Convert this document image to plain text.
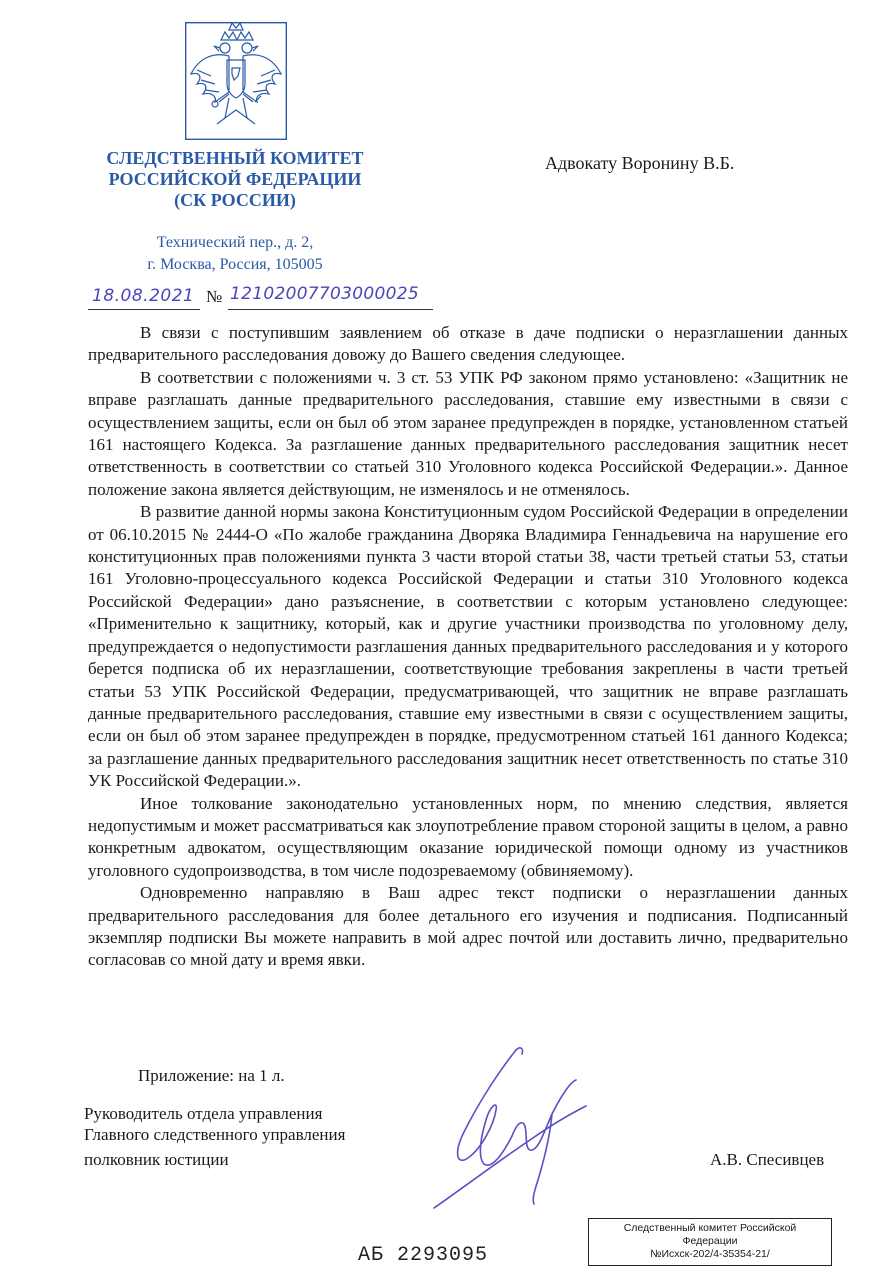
СЛЕДСТВЕННЫЙ КОМИТЕТ
РОССИЙСКОЙ ФЕДЕРАЦИИ
(СК РОССИИ)
Технический пер., д. 2,
г. Москва, Россия, 105005
Адвокату Воронину В.Б.
18.08.2021 № 12102007703000025

В связи с поступившим заявлением об отказе в даче подписки о неразглашении данных предварительного расследования довожу до Вашего сведения следующее.

В соответствии с положениями ч. 3 ст. 53 УПК РФ законом прямо установлено: «Защитник не вправе разглашать данные предварительного расследования, ставшие ему известными в связи с осуществлением защиты, если он был об этом заранее предупрежден в порядке, установленном статьей 161 настоящего Кодекса. За разглашение данных предварительного расследования защитник несет ответственность в соответствии со статьей 310 Уголовного кодекса Российской Федерации.». Данное положение закона является действующим, не изменялось и не отменялось.

В развитие данной нормы закона Конституционным судом Российской Федерации в определении от 06.10.2015 № 2444-О «По жалобе гражданина Дворяка Владимира Геннадьевича на нарушение его конституционных прав положениями пункта 3 части второй статьи 38, части третьей статьи 53, статьи 161 Уголовно-процессуального кодекса Российской Федерации и статьи 310 Уголовного кодекса Российской Федерации» дано разъяснение, в соответствии с которым установлено следующее: «Применительно к защитнику, который, как и другие участники производства по уголовному делу, предупреждается о недопустимости разглашения данных предварительного расследования и у которого берется подписка об их неразглашении, соответствующие требования закреплены в части третьей статьи 53 УПК Российской Федерации, предусматривающей, что защитник не вправе разглашать данные предварительного расследования, ставшие ему известными в связи с осуществлением защиты, если он был об этом заранее предупрежден в порядке, предусмотренном статьей 161 данного Кодекса; за разглашение данных предварительного расследования защитник несет ответственность по статье 310 УК Российской Федерации.».

Иное толкование законодательно установленных норм, по мнению следствия, является недопустимым и может рассматриваться как злоупотребление правом стороной защиты в целом, а равно конкретным адвокатом, осуществляющим оказание юридической помощи одному из участников уголовного судопроизводства, в том числе подозреваемому (обвиняемому).

Одновременно направляю в Ваш адрес текст подписки о неразглашении данных предварительного расследования для более детального его изучения и подписания. Подписанный экземпляр подписки Вы можете направить в мой адрес почтой или доставить лично, предварительно согласовав со мной дату и время явки.

Приложение: на 1 л.
Руководитель отдела управления
Главного следственного управления
полковник юстиции	А.В. Спесивцев
АБ 2293095
Следственный комитет Российской
Федерации
№Исхск-202/4-35354-21/
